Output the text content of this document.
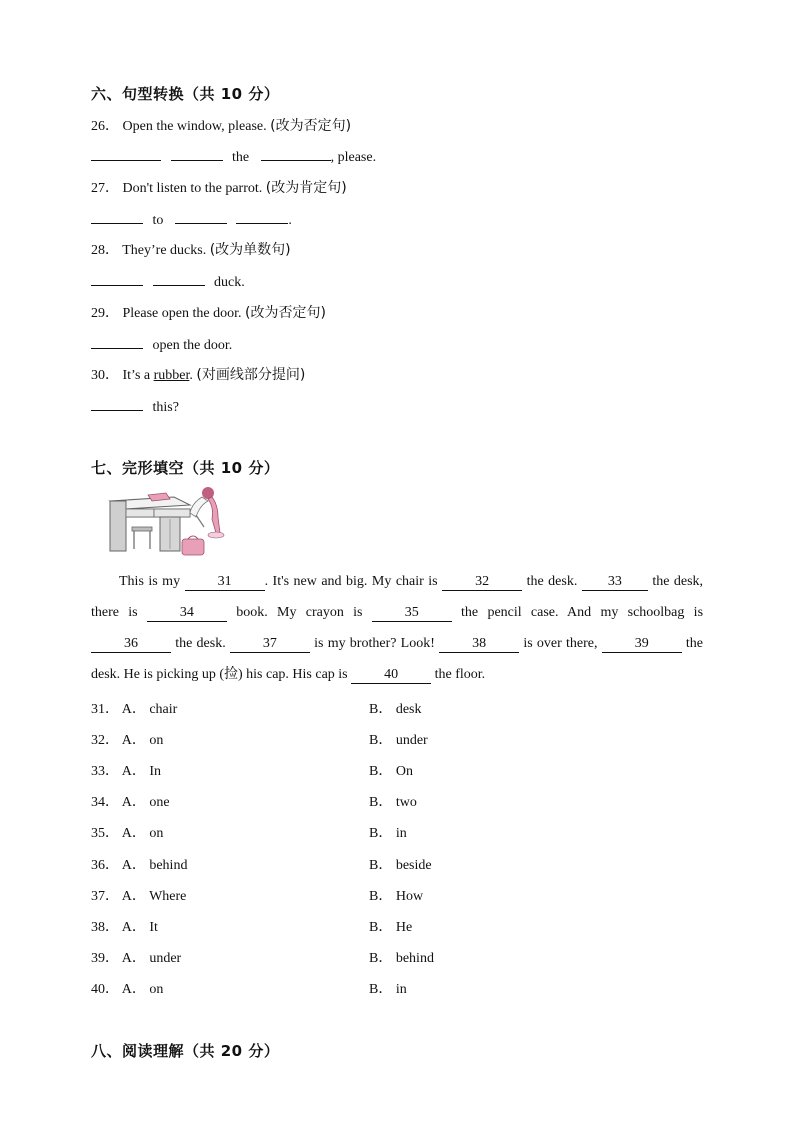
六、句型转换（共 10 分）
26． Open the window, please. (改为否定句)
the	, please.
27． Don't listen to the parrot. (改为肯定句)
to	.
28． They’re ducks. (改为单数句)
duck.
29． Please open the door. (改为否定句)
open the door.
30． It’s a rubber. (对画线部分提问)
this?
七、完形填空（共 10 分）

This is my	31 . It's new and big. My chair is	32	the desk. 33 the desk, there is	34	book. My crayon is	35	the pencil case. And my schoolbag is 36	the desk.	37	is my brother? Look!	38	is over there,	39	the desk. He is picking up (捡) his cap. His cap is	40	the floor.

31． A． chair	B． desk
32． A． on	B． under
33． A． In	B． On
34． A． one	B． two
35． A． on	B． in
36． A． behind	B． beside
37． A． Where	B． How
38． A． It	B． He
39． A． under	B． behind
40． A． on	B． in
八、阅读理解（共 20 分）
